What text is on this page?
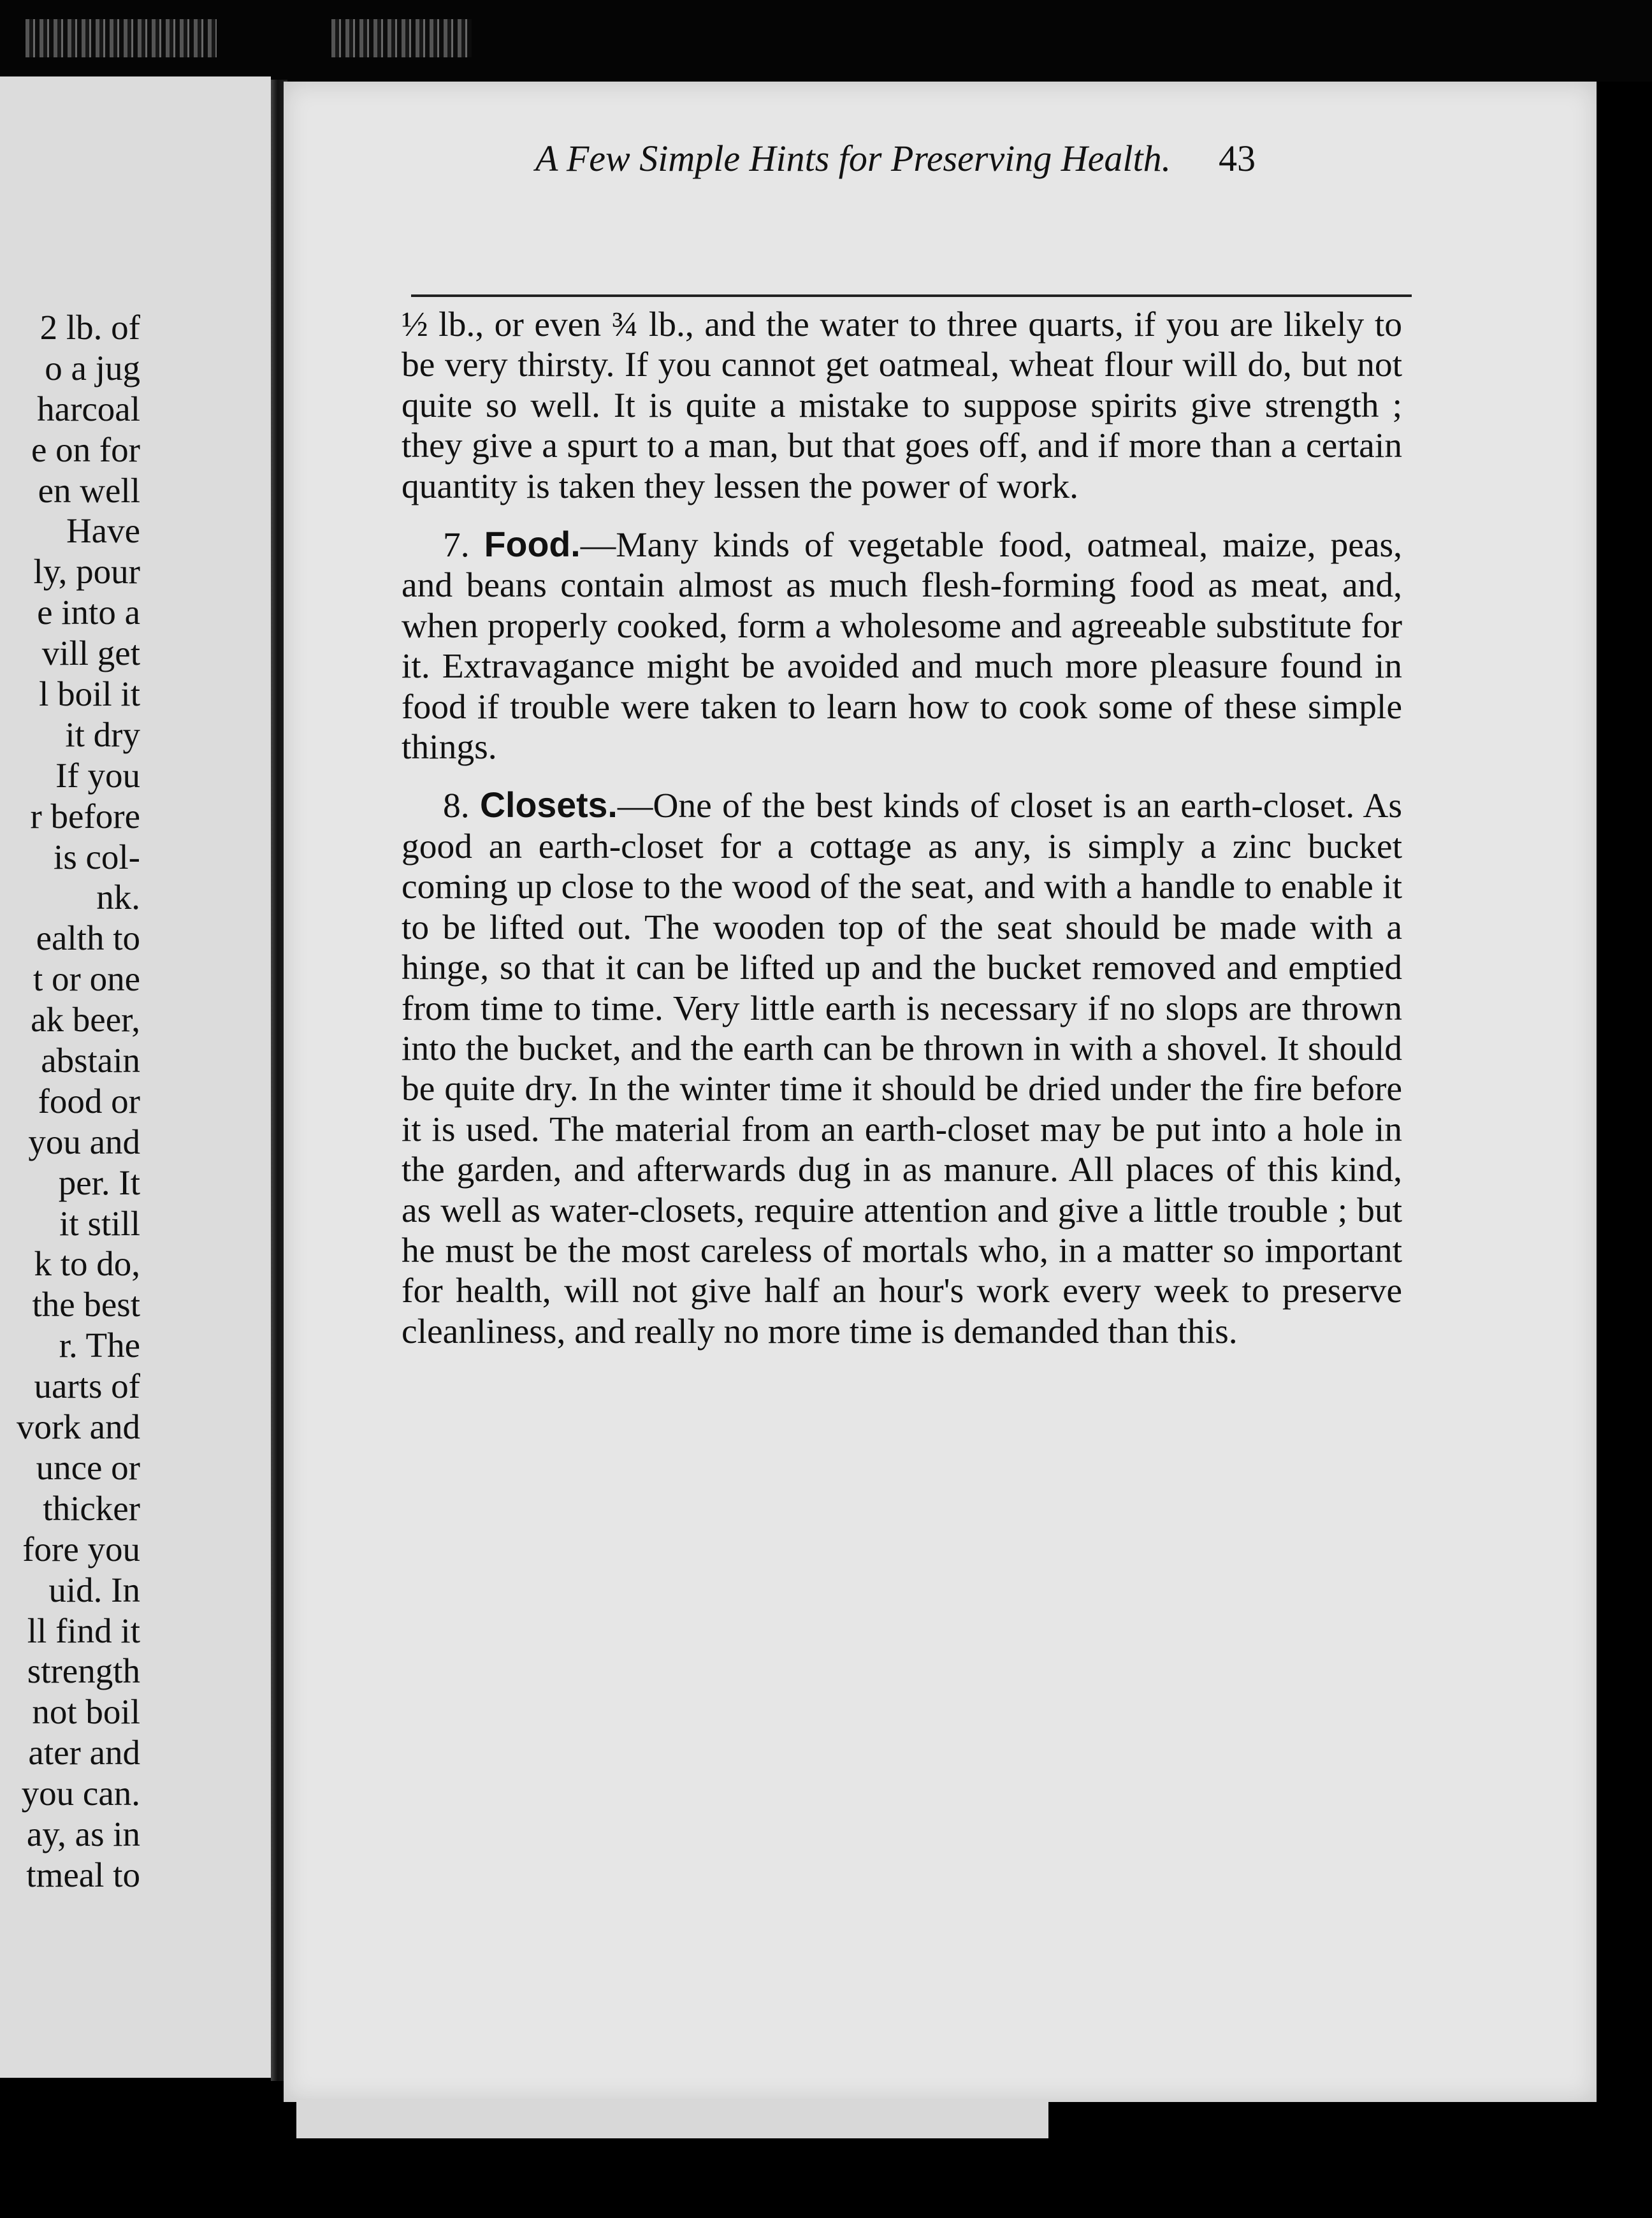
2 lb. of
o a jug
harcoal
e on for
en well
Have
ly, pour
e into a
vill get
l boil it
it dry
If you
r before
is col-
nk.
ealth to
t or one
ak beer,
abstain
food or
you and
per. It
it still
k to do,
the best
r. The
uarts of
vork and
unce or
thicker
fore you
uid. In
ll find it
strength
not boil
ater and
you can.
ay, as in
tmeal to
A Few Simple Hints for Preserving Health. 43

½ lb., or even ¾ lb., and the water to three quarts, if you are likely to be very thirsty. If you cannot get oatmeal, wheat flour will do, but not quite so well. It is quite a mistake to suppose spirits give strength ; they give a spurt to a man, but that goes off, and if more than a certain quantity is taken they lessen the power of work.

7. Food.—Many kinds of vegetable food, oatmeal, maize, peas, and beans contain almost as much flesh-forming food as meat, and, when properly cooked, form a wholesome and agreeable substitute for it. Extravagance might be avoided and much more pleasure found in food if trouble were taken to learn how to cook some of these simple things.

8. Closets.—One of the best kinds of closet is an earth-closet. As good an earth-closet for a cottage as any, is simply a zinc bucket coming up close to the wood of the seat, and with a handle to enable it to be lifted out. The wooden top of the seat should be made with a hinge, so that it can be lifted up and the bucket removed and emptied from time to time. Very little earth is necessary if no slops are thrown into the bucket, and the earth can be thrown in with a shovel. It should be quite dry. In the winter time it should be dried under the fire before it is used. The material from an earth-closet may be put into a hole in the garden, and afterwards dug in as manure. All places of this kind, as well as water-closets, require attention and give a little trouble ; but he must be the most careless of mortals who, in a matter so important for health, will not give half an hour's work every week to preserve cleanliness, and really no more time is demanded than this.
